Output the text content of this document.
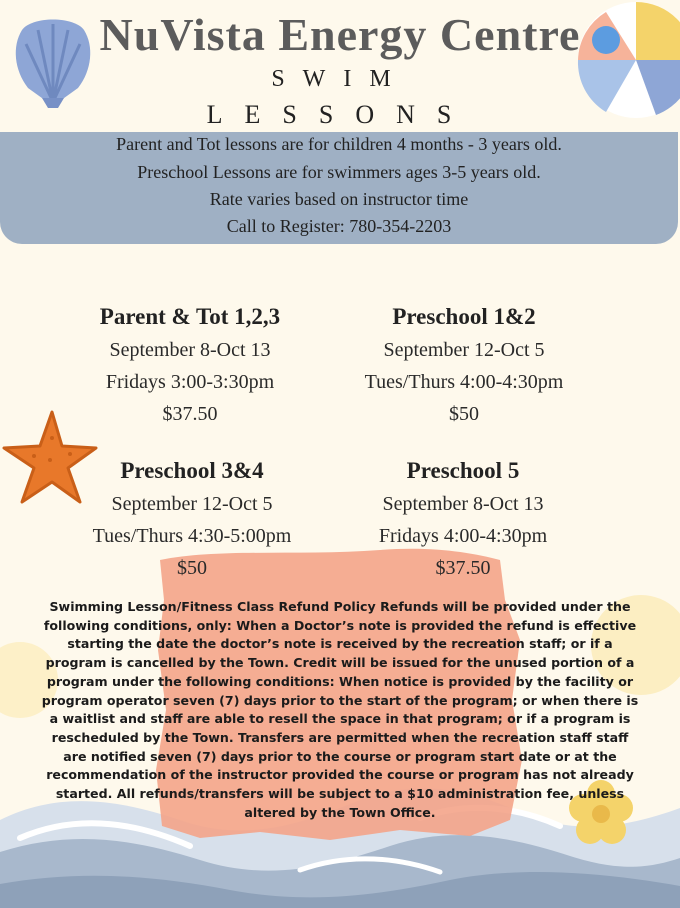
NuVista Energy Centre
SWIM
LESSONS
Parent and Tot lessons are for children 4 months - 3 years old.
Preschool Lessons are for swimmers ages 3-5 years old.
Rate varies based on instructor time
Call to Register: 780-354-2203
Parent & Tot 1,2,3
September 8-Oct 13
Fridays 3:00-3:30pm
$37.50
Preschool 1&2
September 12-Oct 5
Tues/Thurs 4:00-4:30pm
$50
Preschool 3&4
September 12-Oct 5
Tues/Thurs 4:30-5:00pm
$50
Preschool 5
September 8-Oct 13
Fridays 4:00-4:30pm
$37.50
Swimming Lesson/Fitness Class Refund Policy Refunds will be provided under the following conditions, only: When a Doctor’s note is provided the refund is effective starting the date the doctor’s note is received by the recreation staff; or if a program is cancelled by the Town. Credit will be issued for the unused portion of a program under the following conditions: When notice is provided by the facility or program operator seven (7) days prior to the start of the program; or when there is a waitlist and staff are able to resell the space in that program; or if a program is rescheduled by the Town. Transfers are permitted when the recreation staff staff are notified seven (7) days prior to the course or program start date or at the recommendation of the instructor provided the course or program has not already started. All refunds/transfers will be subject to a $10 administration fee, unless altered by the Town Office.
